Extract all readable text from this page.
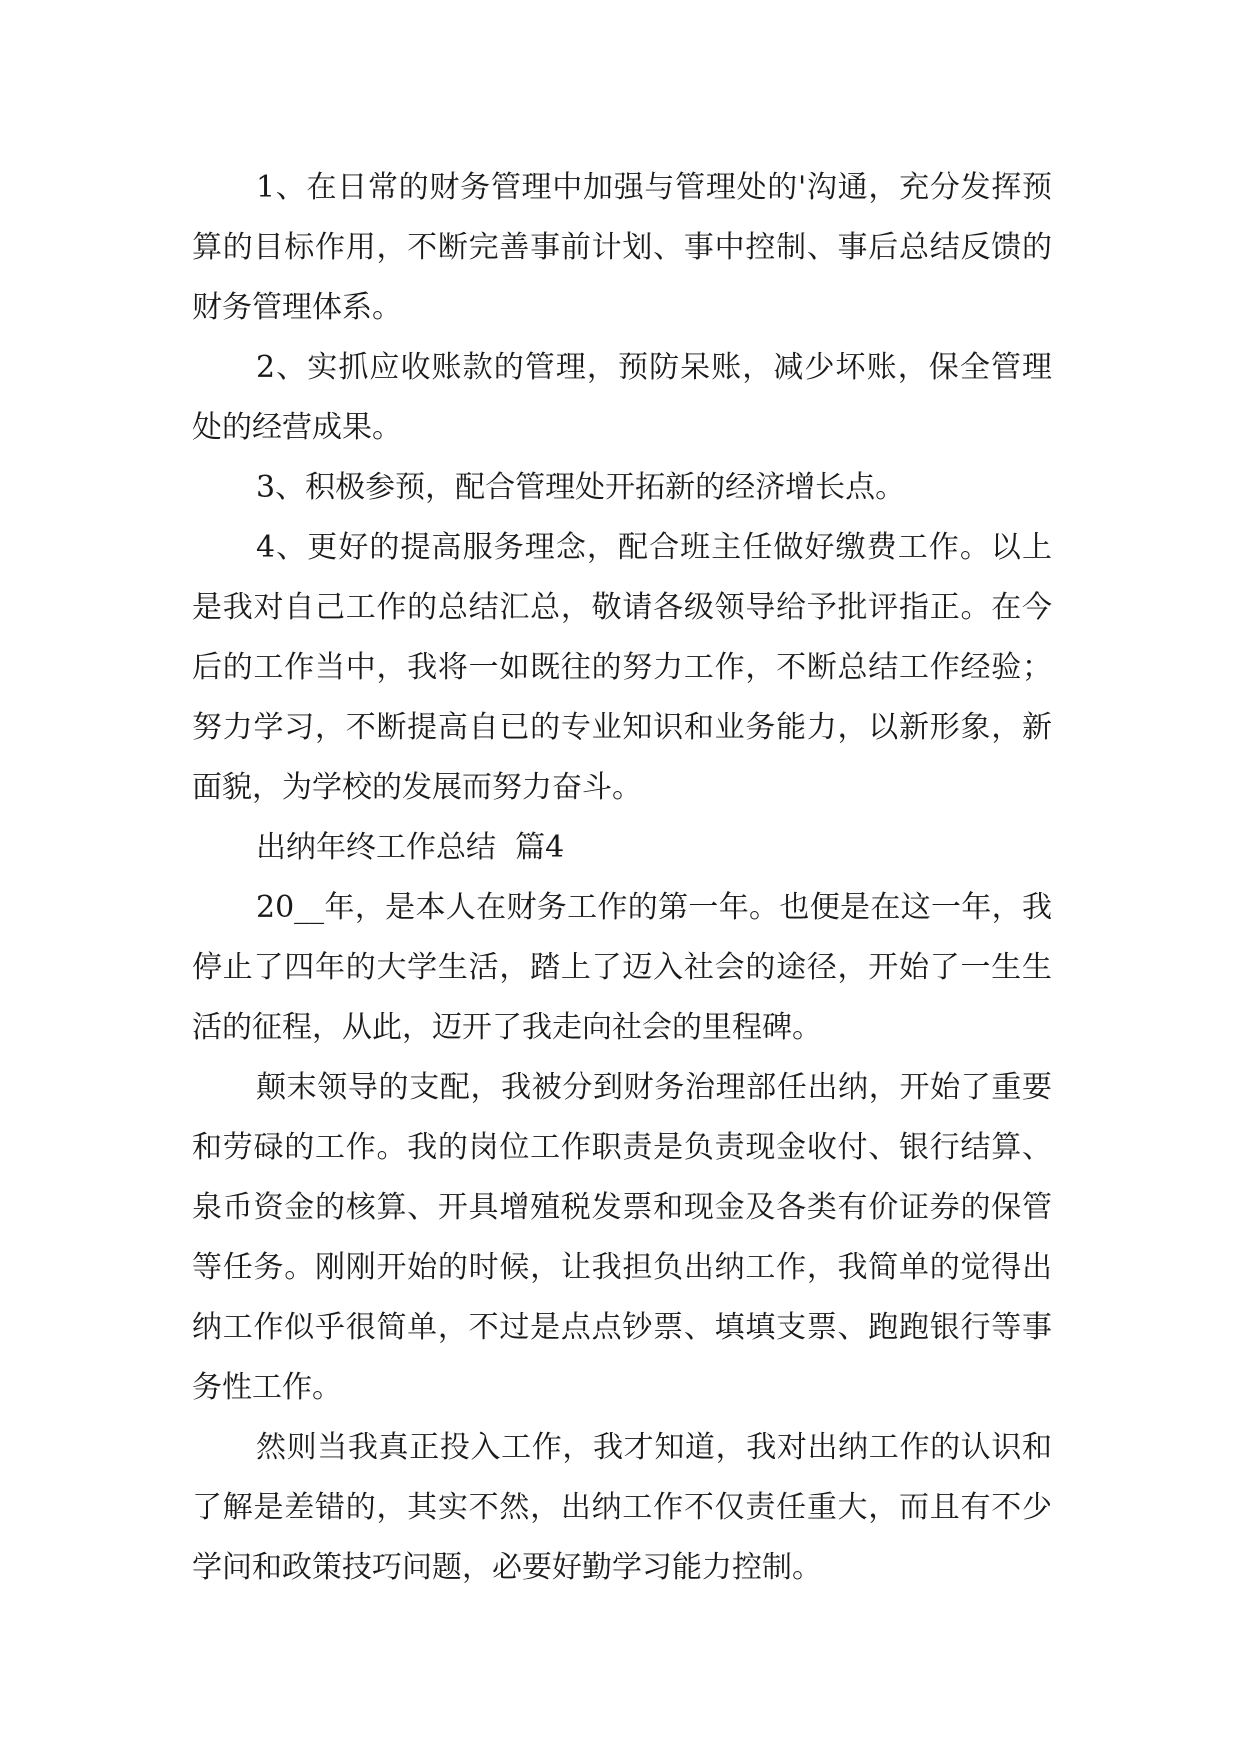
1、在日常的财务管理中加强与管理处的'沟通，充分发挥预算的目标作用，不断完善事前计划、事中控制、事后总结反馈的财务管理体系。

2、实抓应收账款的管理，预防呆账，减少坏账，保全管理处的经营成果。

3、积极参预，配合管理处开拓新的经济增长点。

4、更好的提高服务理念，配合班主任做好缴费工作。以上是我对自己工作的总结汇总，敬请各级领导给予批评指正。在今后的工作当中，我将一如既往的努力工作，不断总结工作经验；努力学习，不断提高自已的专业知识和业务能力，以新形象，新面貌，为学校的发展而努力奋斗。

出纳年终工作总结  篇4

20__年，是本人在财务工作的第一年。也便是在这一年，我停止了四年的大学生活，踏上了迈入社会的途径，开始了一生生活的征程，从此，迈开了我走向社会的里程碑。

颠末领导的支配，我被分到财务治理部任出纳，开始了重要和劳碌的工作。我的岗位工作职责是负责现金收付、银行结算、泉币资金的核算、开具增殖税发票和现金及各类有价证券的保管等任务。刚刚开始的时候，让我担负出纳工作，我简单的觉得出纳工作似乎很简单，不过是点点钞票、填填支票、跑跑银行等事务性工作。

然则当我真正投入工作，我才知道，我对出纳工作的认识和了解是差错的，其实不然，出纳工作不仅责任重大，而且有不少学问和政策技巧问题，必要好勤学习能力控制。
